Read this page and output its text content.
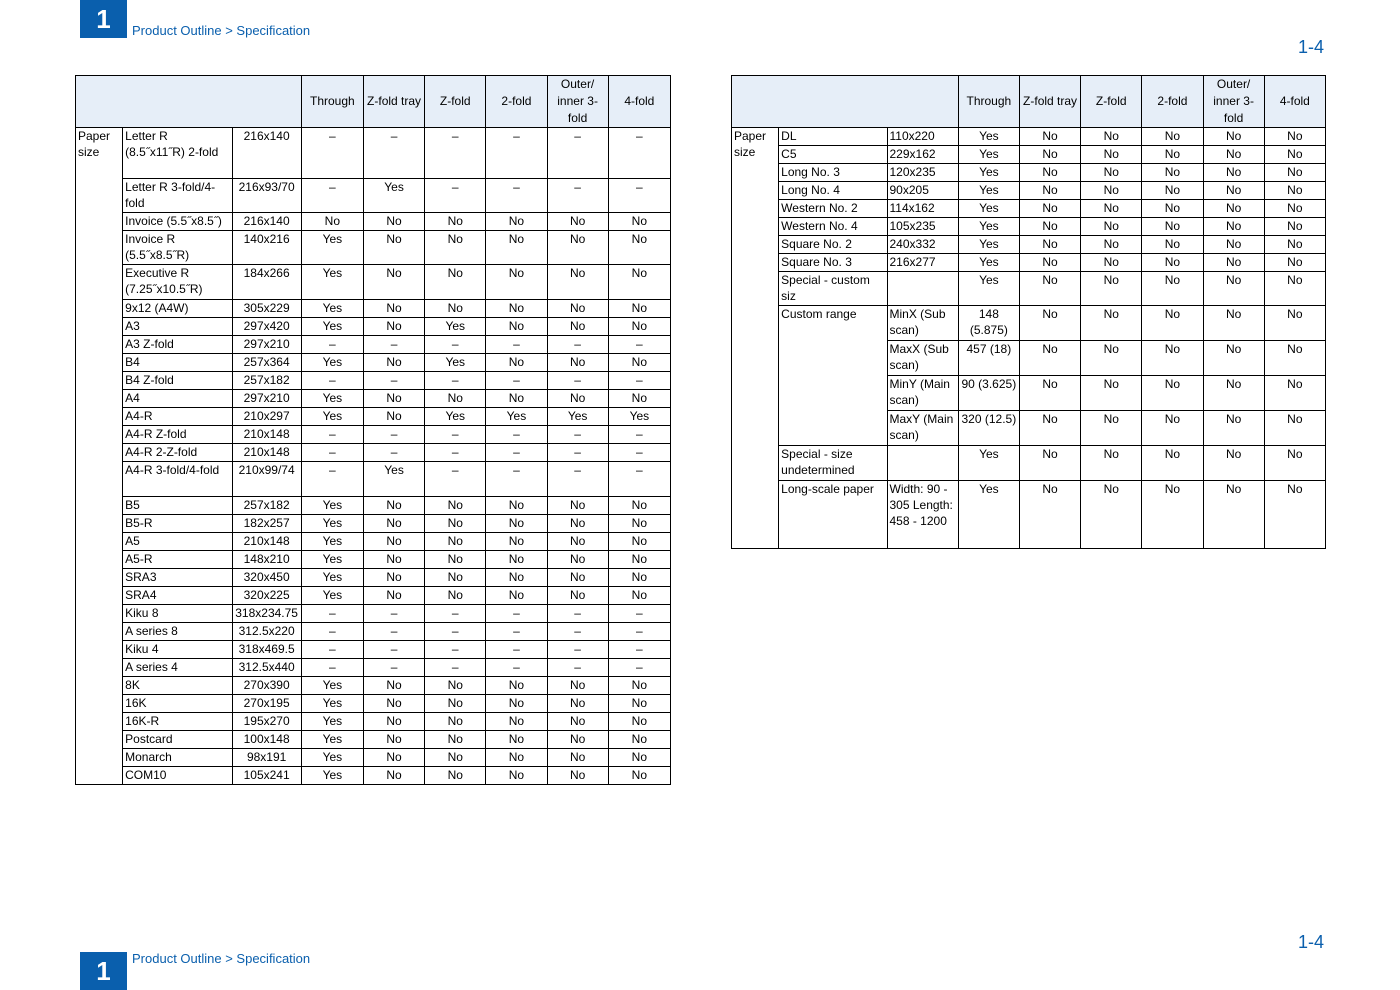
1	Product Outline > Specification
1-4
			Through	Z-fold tray	Z-fold	2-fold	Outer/ inner 3-fold	4-fold
Paper size	Letter R (8.5˝x11˝R) 2-fold	216x140	–	–	–	–	–	–
	Letter R 3-fold/4-fold	216x93/70	–	Yes	–	–	–	–
	Invoice (5.5˝x8.5˝)	216x140	No	No	No	No	No	No
	Invoice R (5.5˝x8.5˝R)	140x216	Yes	No	No	No	No	No
	Executive R (7.25˝x10.5˝R)	184x266	Yes	No	No	No	No	No
	9x12 (A4W)	305x229	Yes	No	No	No	No	No
	A3	297x420	Yes	No	Yes	No	No	No
	A3 Z-fold	297x210	–	–	–	–	–	–
	B4	257x364	Yes	No	Yes	No	No	No
	B4 Z-fold	257x182	–	–	–	–	–	–
	A4	297x210	Yes	No	No	No	No	No
	A4-R	210x297	Yes	No	Yes	Yes	Yes	Yes
	A4-R Z-fold	210x148	–	–	–	–	–	–
	A4-R 2-Z-fold	210x148	–	–	–	–	–	–
	A4-R 3-fold/4-fold	210x99/74	–	Yes	–	–	–	–
	B5	257x182	Yes	No	No	No	No	No
	B5-R	182x257	Yes	No	No	No	No	No
	A5	210x148	Yes	No	No	No	No	No
	A5-R	148x210	Yes	No	No	No	No	No
	SRA3	320x450	Yes	No	No	No	No	No
	SRA4	320x225	Yes	No	No	No	No	No
	Kiku 8	318x234.75	–	–	–	–	–	–
	A series 8	312.5x220	–	–	–	–	–	–
	Kiku 4	318x469.5	–	–	–	–	–	–
	A series 4	312.5x440	–	–	–	–	–	–
	8K	270x390	Yes	No	No	No	No	No
	16K	270x195	Yes	No	No	No	No	No
	16K-R	195x270	Yes	No	No	No	No	No
	Postcard	100x148	Yes	No	No	No	No	No
	Monarch	98x191	Yes	No	No	No	No	No
	COM10	105x241	Yes	No	No	No	No	No
			Through	Z-fold tray	Z-fold	2-fold	Outer/ inner 3-fold	4-fold
Paper size	DL	110x220	Yes	No	No	No	No	No
	C5	229x162	Yes	No	No	No	No	No
	Long No. 3	120x235	Yes	No	No	No	No	No
	Long No. 4	90x205	Yes	No	No	No	No	No
	Western No. 2	114x162	Yes	No	No	No	No	No
	Western No. 4	105x235	Yes	No	No	No	No	No
	Square No. 2	240x332	Yes	No	No	No	No	No
	Square No. 3	216x277	Yes	No	No	No	No	No
	Special - custom siz		Yes	No	No	No	No	No
	Custom range	MinX (Sub scan)	148 (5.875)	No	No	No	No	No
		MaxX (Sub scan)	457 (18)	No	No	No	No	No
		MinY (Main scan)	90 (3.625)	No	No	No	No	No
		MaxY (Main scan)	320 (12.5)	No	No	No	No	No
	Special - size undetermined		Yes	No	No	No	No	No
	Long-scale paper	Width: 90 - 305 Length: 458 - 1200	Yes	No	No	No	No	No
1	Product Outline > Specification
1-4
